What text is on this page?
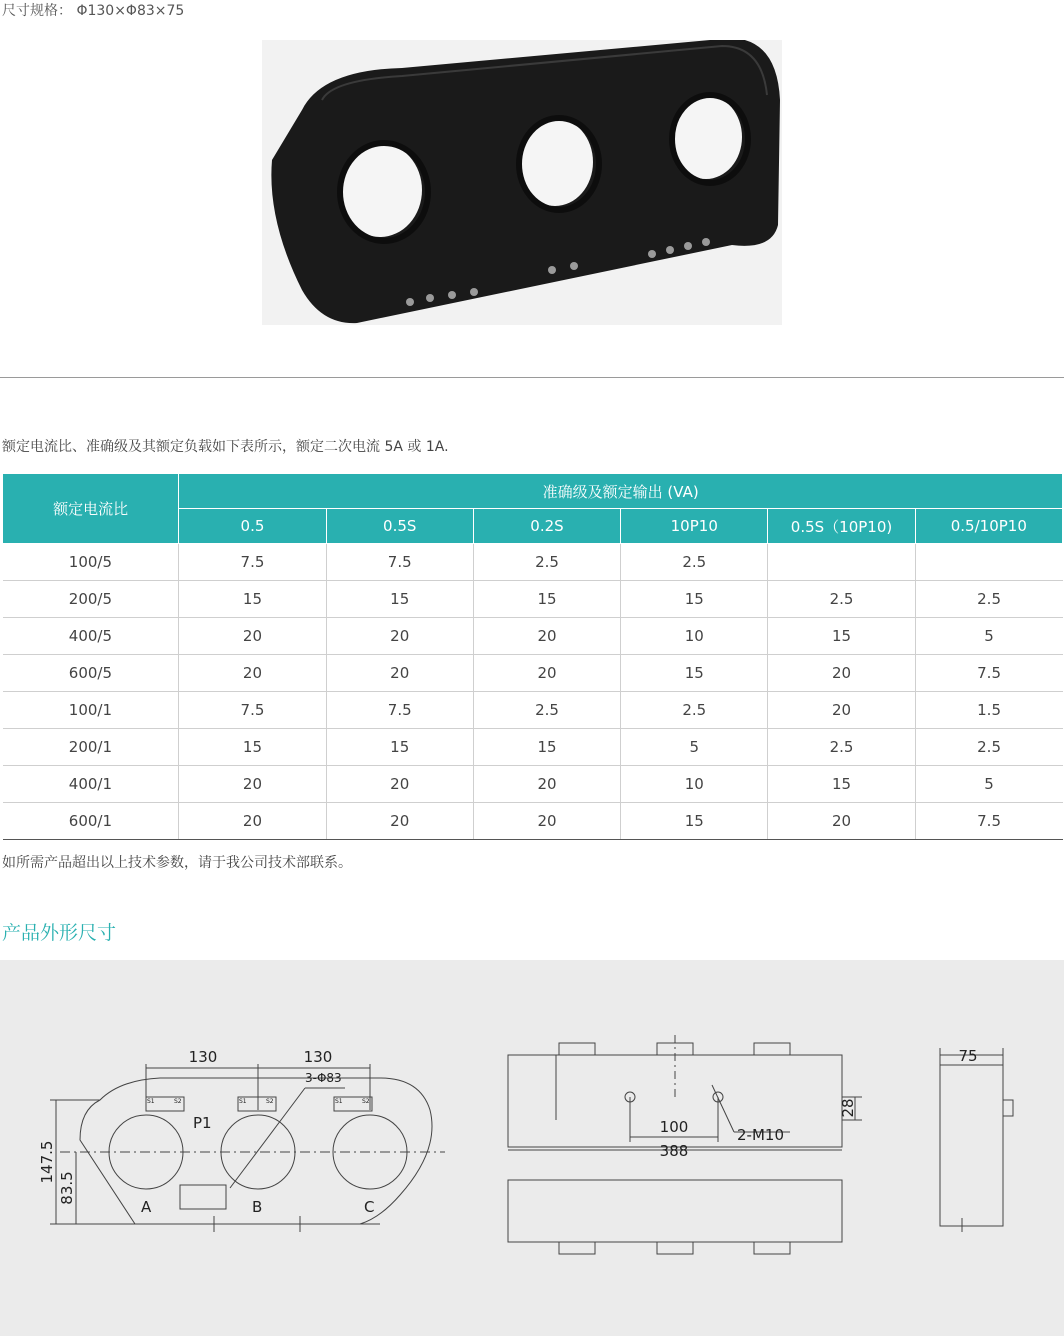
尺寸规格： Φ130×Φ83×75
额定电流比、准确级及其额定负载如下表所示，额定二次电流 5A 或 1A.
额定电流比	准确级及额定输出 (VA)					
	0.5	0.5S	0.2S	10P10	0.5S（10P10)	0.5/10P10
100/5	7.5	7.5	2.5	2.5		
200/5	15	15	15	15	2.5	2.5
400/5	20	20	20	10	15	5
600/5	20	20	20	15	20	7.5
100/1	7.5	7.5	2.5	2.5	20	1.5
200/1	15	15	15	5	2.5	2.5
400/1	20	20	20	10	15	5
600/1	20	20	20	15	20	7.5
如所需产品超出以上技术参数，请于我公司技术部联系。
产品外形尺寸
130	130
3-Φ83
P1
A	B	C
S1	S2	S1	S2	S1	S2
147.5
83.5
100
388
2-M10
28
75
